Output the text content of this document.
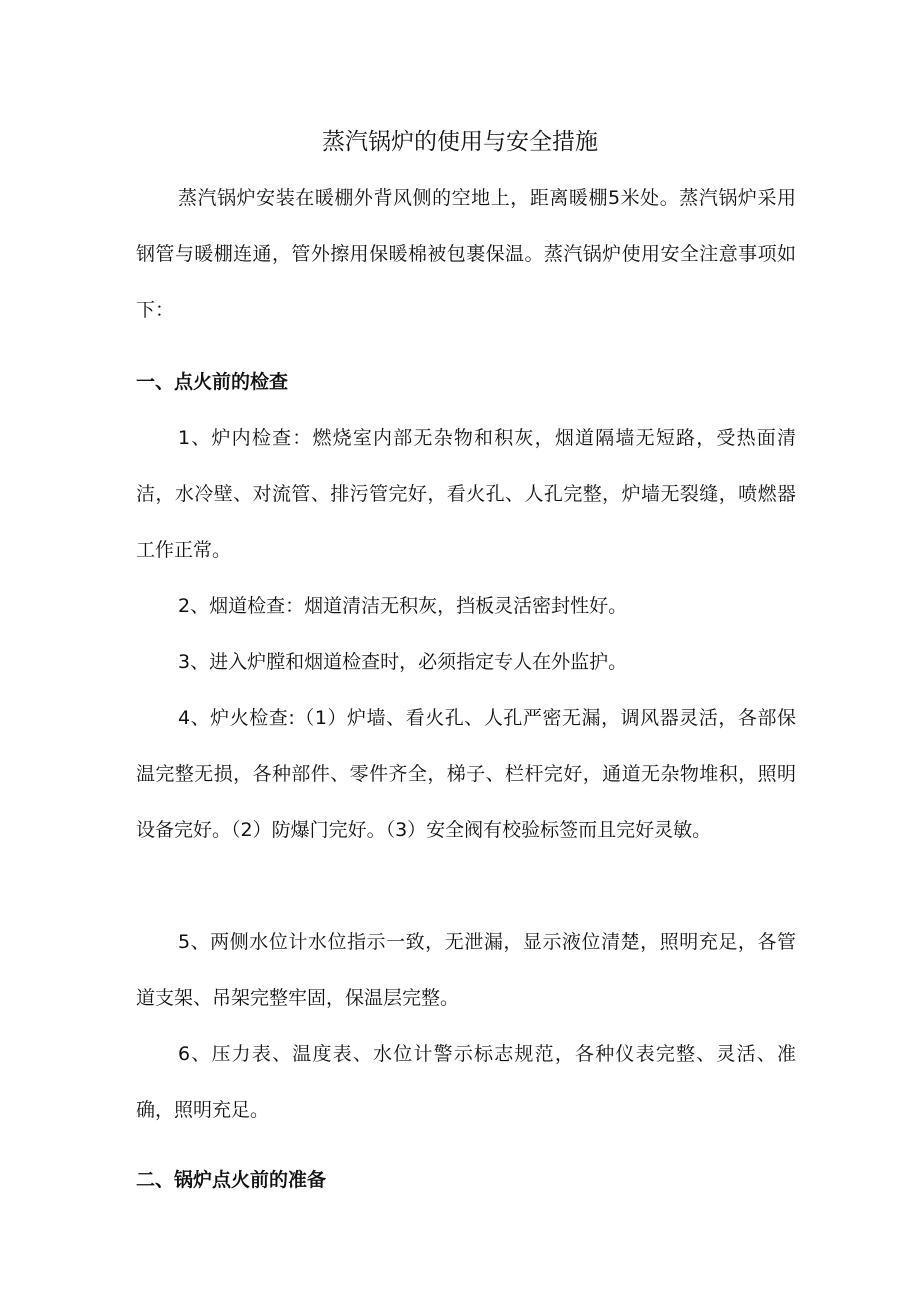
蒸汽锅炉的使用与安全措施

蒸汽锅炉安装在暖棚外背风侧的空地上，距离暖棚5米处。蒸汽锅炉采用钢管与暖棚连通，管外擦用保暖棉被包裹保温。蒸汽锅炉使用安全注意事项如下：

一、点火前的检查

1、炉内检查：燃烧室内部无杂物和积灰，烟道隔墙无短路，受热面清洁，水冷壁、对流管、排污管完好，看火孔、人孔完整，炉墙无裂缝，喷燃器工作正常。

2、烟道检查：烟道清洁无积灰，挡板灵活密封性好。

3、进入炉膛和烟道检查时，必须指定专人在外监护。

4、炉火检查:（1）炉墙、看火孔、人孔严密无漏，调风器灵活，各部保温完整无损，各种部件、零件齐全，梯子、栏杆完好，通道无杂物堆积，照明设备完好。（2）防爆门完好。（3）安全阀有校验标签而且完好灵敏。

5、两侧水位计水位指示一致，无泄漏，显示液位清楚，照明充足，各管道支架、吊架完整牢固，保温层完整。

6、压力表、温度表、水位计警示标志规范，各种仪表完整、灵活、准确，照明充足。

二、锅炉点火前的准备
